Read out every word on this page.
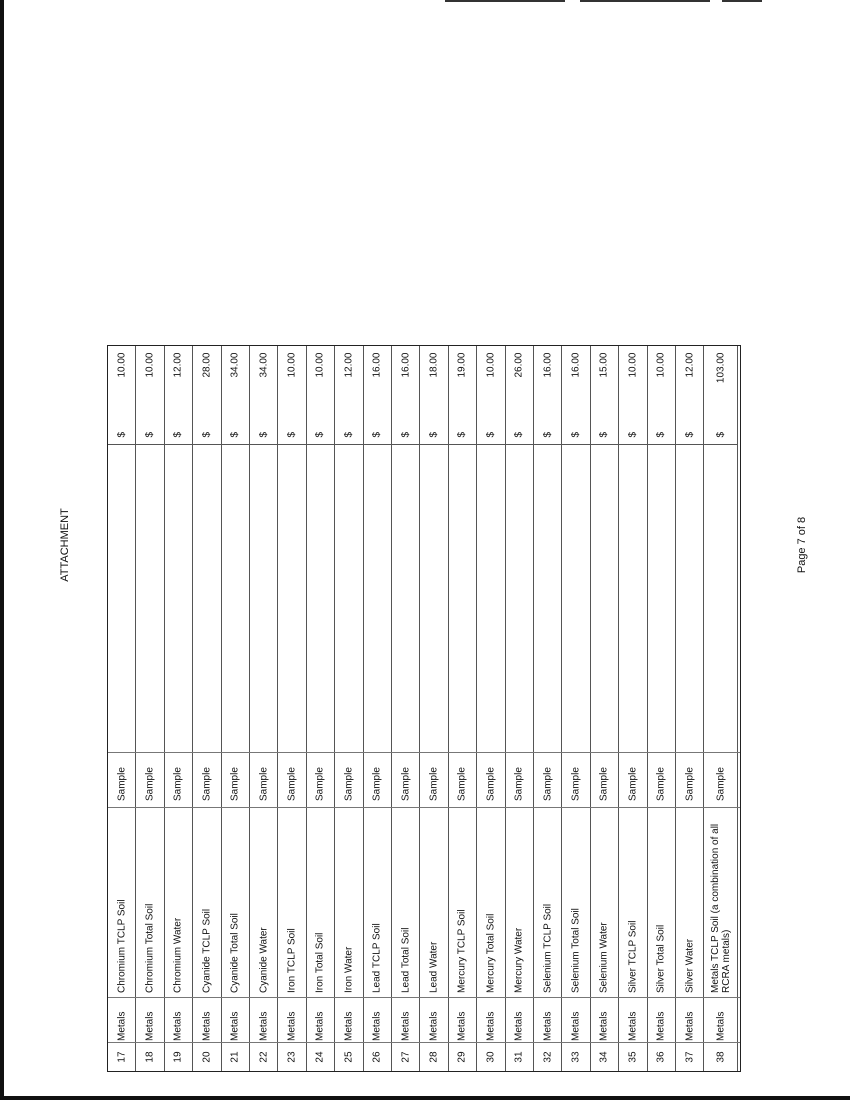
ATTACHMENT	Page 7 of 8
17
Metals
Chromium TCLP Soil
Sample
$
10.00
18
Metals
Chromium Total Soil
Sample
$
10.00
19
Metals
Chromium Water
Sample
$
12.00
20
Metals
Cyanide TCLP Soil
Sample
$
28.00
21
Metals
Cyanide Total Soil
Sample
$
34.00
22
Metals
Cyanide Water
Sample
$
34.00
23
Metals
Iron TCLP Soil
Sample
$
10.00
24
Metals
Iron Total Soil
Sample
$
10.00
25
Metals
Iron Water
Sample
$
12.00
26
Metals
Lead TCLP Soil
Sample
$
16.00
27
Metals
Lead Total Soil
Sample
$
16.00
28
Metals
Lead Water
Sample
$
18.00
29
Metals
Mercury TCLP Soil
Sample
$
19.00
30
Metals
Mercury Total Soil
Sample
$
10.00
31
Metals
Mercury Water
Sample
$
26.00
32
Metals
Selenium TCLP Soil
Sample
$
16.00
33
Metals
Selenium Total Soil
Sample
$
16.00
34
Metals
Selenium Water
Sample
$
15.00
35
Metals
Silver TCLP Soil
Sample
$
10.00
36
Metals
Silver Total Soil
Sample
$
10.00
37
Metals
Silver Water
Sample
$
12.00
38
Metals
Metals TCLP Soil (a combination of all RCRA metals)
Sample
$
103.00
